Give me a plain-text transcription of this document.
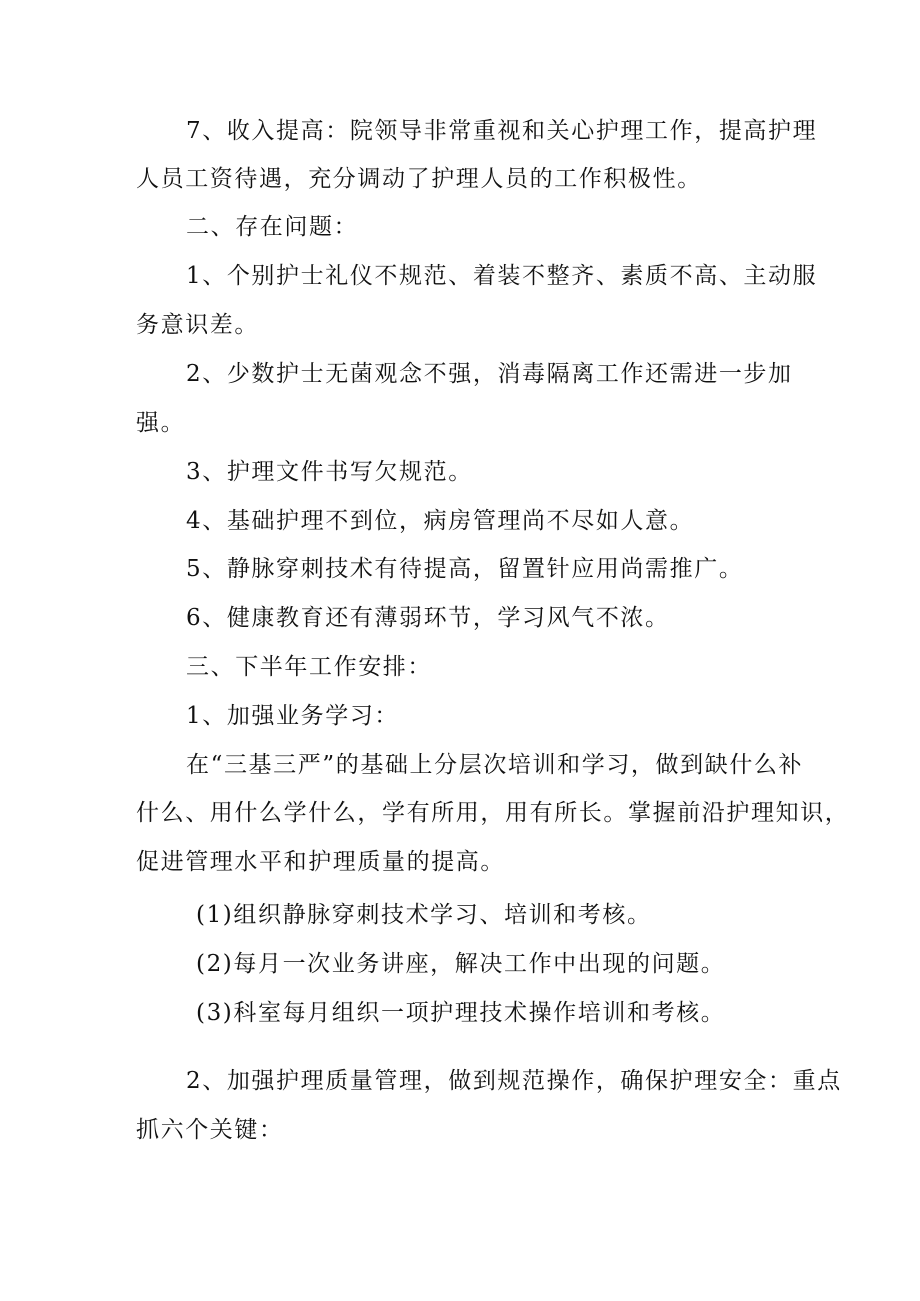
7、收入提高：院领导非常重视和关心护理工作，提高护理
人员工资待遇，充分调动了护理人员的工作积极性。
二、存在问题：
1、个别护士礼仪不规范、着装不整齐、素质不高、主动服
务意识差。
2、少数护士无菌观念不强，消毒隔离工作还需进一步加
强。
3、护理文件书写欠规范。
4、基础护理不到位，病房管理尚不尽如人意。
5、静脉穿刺技术有待提高，留置针应用尚需推广。
6、健康教育还有薄弱环节，学习风气不浓。
三、下半年工作安排：
1、加强业务学习：
在“三基三严”的基础上分层次培训和学习，做到缺什么补
什么、用什么学什么，学有所用，用有所长。掌握前沿护理知识，
促进管理水平和护理质量的提高。
(1)组织静脉穿刺技术学习、培训和考核。
(2)每月一次业务讲座，解决工作中出现的问题。
(3)科室每月组织一项护理技术操作培训和考核。
2、加强护理质量管理，做到规范操作，确保护理安全：重点
抓六个关键：
